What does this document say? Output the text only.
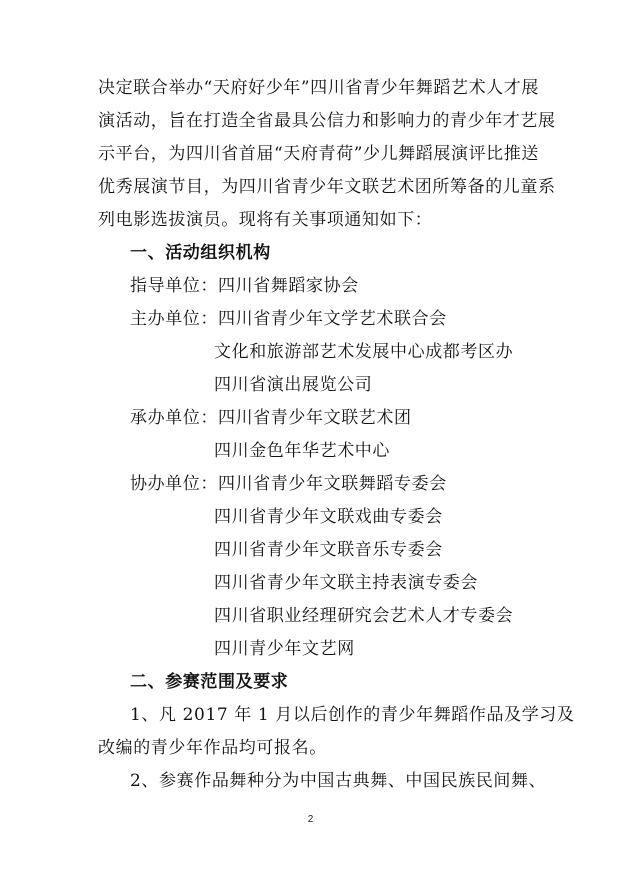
决定联合举办“天府好少年”四川省青少年舞蹈艺术人才展
演活动，旨在打造全省最具公信力和影响力的青少年才艺展
示平台，为四川省首届“天府青荷”少儿舞蹈展演评比推送
优秀展演节目，为四川省青少年文联艺术团所筹备的儿童系
列电影选拔演员。现将有关事项通知如下：
一、活动组织机构
指导单位：四川省舞蹈家协会
主办单位：四川省青少年文学艺术联合会
文化和旅游部艺术发展中心成都考区办
四川省演出展览公司
承办单位：四川省青少年文联艺术团
四川金色年华艺术中心
协办单位：四川省青少年文联舞蹈专委会
四川省青少年文联戏曲专委会
四川省青少年文联音乐专委会
四川省青少年文联主持表演专委会
四川省职业经理研究会艺术人才专委会
四川青少年文艺网
二、参赛范围及要求
1、凡 2017 年 1 月以后创作的青少年舞蹈作品及学习及
改编的青少年作品均可报名。
2、参赛作品舞种分为中国古典舞、中国民族民间舞、
2
